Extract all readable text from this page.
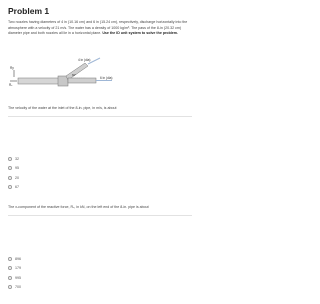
Problem 1
Two nozzles having diameters of 4 in (10.16 cm) and 6 in (15.24 cm), respectively, discharge horizontally into the atmosphere with a velocity of 21 m/s. The water has a density of 1000 kg/m³. The pass of the 8-in (20.32 cm) diameter pipe and both nozzles all lie in a horizontal plane. Use the ID unit system to solve the problem.
4 in (dia)
6 in (dia)
Rₓ
Ry
60°
The velocity of the water at the inlet of the 8-in. pipe, in m/s, is about
32
95
20
67
The x-component of the reactive force, Rₓ, in kN, on the left end of the 8-in. pipe is about
896
179
995
700
